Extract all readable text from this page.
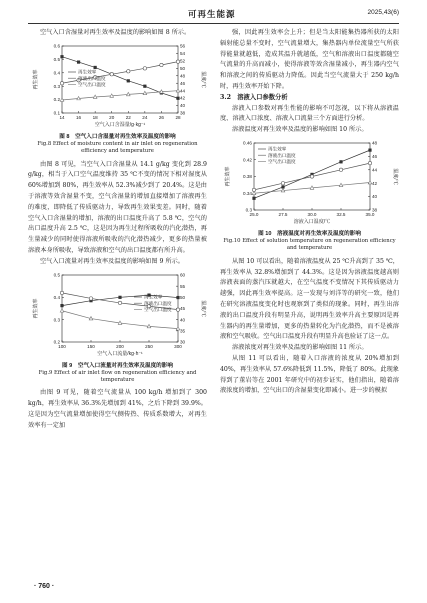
可再生能源	2025,43(6)

空气入口含湿量对再生效率及温度的影响如图 8 所示。

14 16 18 20 22 24 26 28
0.1
0.2
0.3
0.4
0.5
0.6
38
40
42
44
46
48
50
52
54
56
空气入口含湿量/g·kg⁻¹
再生效率	温度/℃
再生效率
溶液出口温度
空气出口温度
图 8　空气入口含湿量对再生效率及温度的影响
Fig.8 Effect of moisture content in air inlet on regeneration efficiency and temperature

由图 8 可见，当空气入口含湿量从 14.1 g/kg 变化到 28.9 g/kg，相当于入口空气温度维持 35 ℃不变的情况下相对湿度从 60%增加到 80%，再生效率从 52.3%减少到了 20.4%。这是由于溶液等效含湿量不变，空气含湿量的增加直接增加了溶液再生的难度，即降低了传质驱动力，导致再生效果变差。同时，随着空气入口含湿量的增加，溶液的出口温度升高了 5.8 ℃，空气的出口温度升高 2.5 ℃，这是因为再生过程所吸收的汽化潜热，再生量减少的同时使得溶液所吸收的汽化潜热减少，更多的热量被溶液本身所吸收，导致溶液和空气的出口温度都有所升高。

空气入口流量对再生效率及温度的影响如图 9 所示。

100	150	200	250	300
0.2
0.3
0.4
0.5
30
35
40
45
50
55
60
空气入口流量/kg·h⁻¹
再生效率	温度/℃
再生效率
溶液出口温度
空气出口温度
图 9　空气入口流量对再生效率及温度的影响
Fig.9 Effect of air inlet flow on regeneration efficiency and temperature

由图 9 可见，随着空气流量从 100 kg/h 增加到了 300 kg/h，再生效率从 36.3%先增加到 41%，之后下降到 39.9%。这是因为空气流量增加使得空气侧传热、传质系数增大，对再生效率有一定加

强，因此再生效率会上升；但是当太阳能集热器所获的太阳辐射能总量不变时，空气流量增大，集热器内单位流量空气所获得能量就越低，造成其温升就越低，空气和溶液出口温度都随空气流量的升高而减小，使得溶液等效含湿量减小，再生器内空气和溶液之间的传质驱动力降低。因此当空气流量大于 250 kg/h 时，再生效率开始下降。

3.2　溶液入口参数分析

溶液入口参数对再生性能的影响不可忽视，以下将从溶液温度、溶液入口浓度、溶液入口流量三个方面进行分析。

溶液温度对再生效率及温度的影响如图 10 所示。

25.0	27.5	30.0	32.5	35.0
0.3
0.34
0.38
0.42
0.46
38
40
42
44
46
48
溶液入口温度/℃
再生效率	温度/℃
再生效率
溶液出口温度
空气出口温度
图 10　溶液温度对再生效率及温度的影响
Fig.10 Effect of solution temperature on regeneration efficiency and temperature

从图 10 可以看出，随着溶液温度从 25 ℃升高到了 35 ℃，再生效率从 32.8%增加到了 44.3%。这是因为溶液温度越高则溶液表面的蒸汽压就越大，在空气温度不变情况下其传质驱动力越强，因此再生效率提高。这一发现与刘洋等的研究一致，他们在研究溶液温度变化时也观察到了类似的现象。同时，再生出溶液的出口温度升段有明显升高，说明再生效率升高主要原因是再生器内的再生量增加，更多的热量转化为汽化潜热，而不是被溶液和空气吸收。空气出口温度升段有明显升高也验证了这一点。

溶液浓度对再生效率及温度的影响如图 11 所示。

从图 11 可以看出，随着入口溶液的浓度从 20%增加到 40%，再生效率从 57.6%降低到 11.5%，降低了 80%。此现象得到了董岩等在 2001 年研究中的初步证实，他们指出，随着溶液浓度的增加，空气出口的含湿量变化即减小。进一步的模拟

· 760 ·
